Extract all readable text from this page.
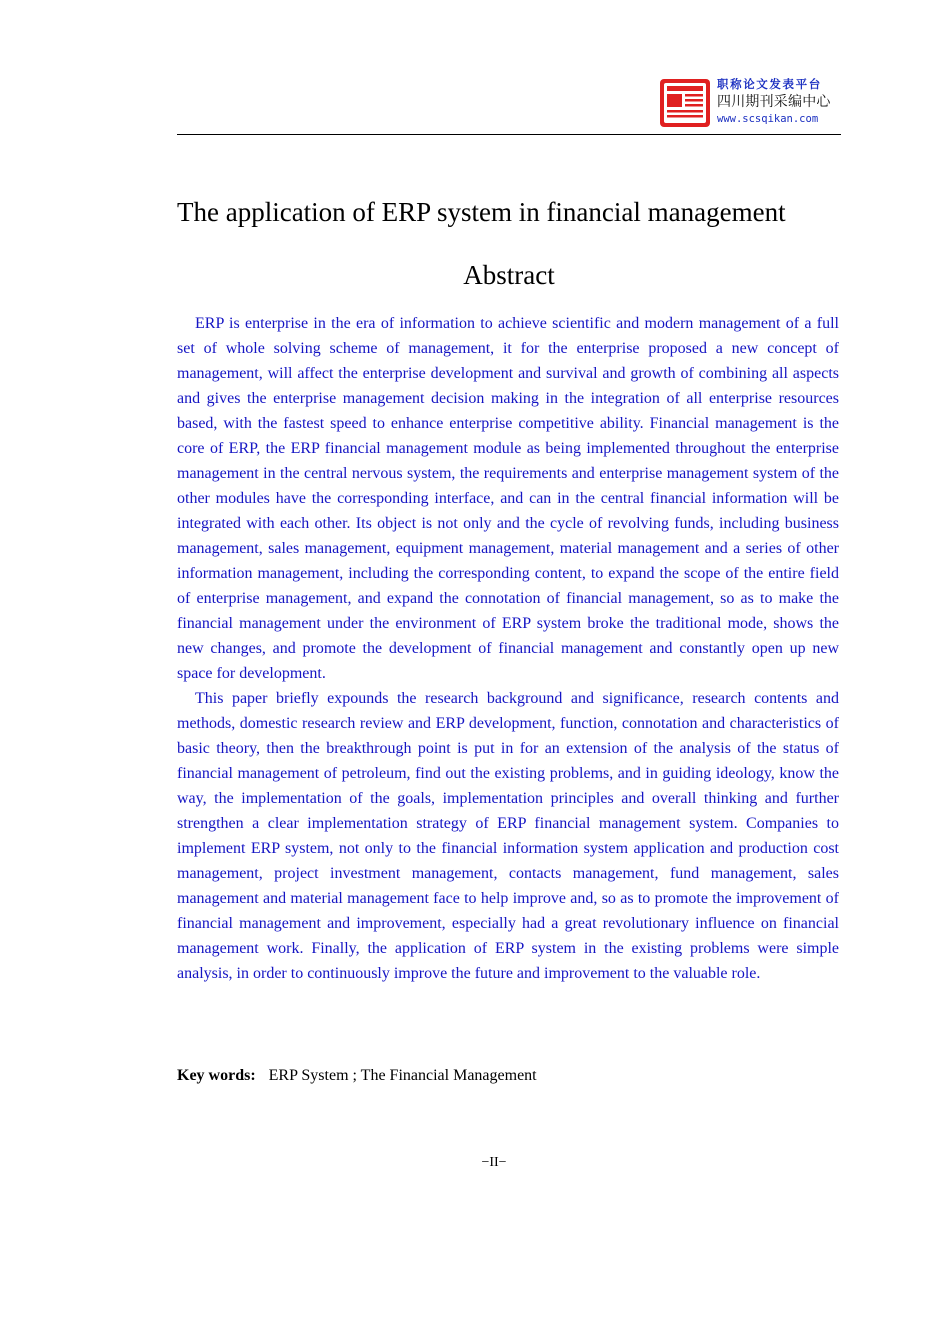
职称论文发表平台
四川期刊采编中心
www.scsqikan.com
The application of ERP system in financial management
Abstract

ERP is enterprise in the era of information to achieve scientific and modern management of a full set of whole solving scheme of management, it for the enterprise proposed a new concept of management, will affect the enterprise development and survival and growth of combining all aspects and gives the enterprise management decision making in the integration of all enterprise resources based, with the fastest speed to enhance enterprise competitive ability. Financial management is the core of ERP, the ERP financial management module as being implemented throughout the enterprise management in the central nervous system, the requirements and enterprise management system of the other modules have the corresponding interface, and can in the central financial information will be integrated with each other. Its object is not only and the cycle of revolving funds, including business management, sales management, equipment management, material management and a series of other information management, including the corresponding content, to expand the scope of the entire field of enterprise management, and expand the connotation of financial management, so as to make the financial management under the environment of ERP system broke the traditional mode, shows the new changes, and promote the development of financial management and constantly open up new space for development.

This paper briefly expounds the research background and significance, research contents and methods, domestic research review and ERP development, function, connotation and characteristics of basic theory, then the breakthrough point is put in for an extension of the analysis of the status of financial management of petroleum, find out the existing problems, and in guiding ideology, know the way, the implementation of the goals, implementation principles and overall thinking and further strengthen a clear implementation strategy of ERP financial management system. Companies to implement ERP system, not only to the financial information system application and production cost management, project investment management, contacts management, fund management, sales management and material management face to help improve and, so as to promote the improvement of financial management and improvement, especially had a great revolutionary influence on financial management work. Finally, the application of ERP system in the existing problems were simple analysis, in order to continuously improve the future and improvement to the valuable role.

Key words: ERP System ; The Financial Management
−II−
